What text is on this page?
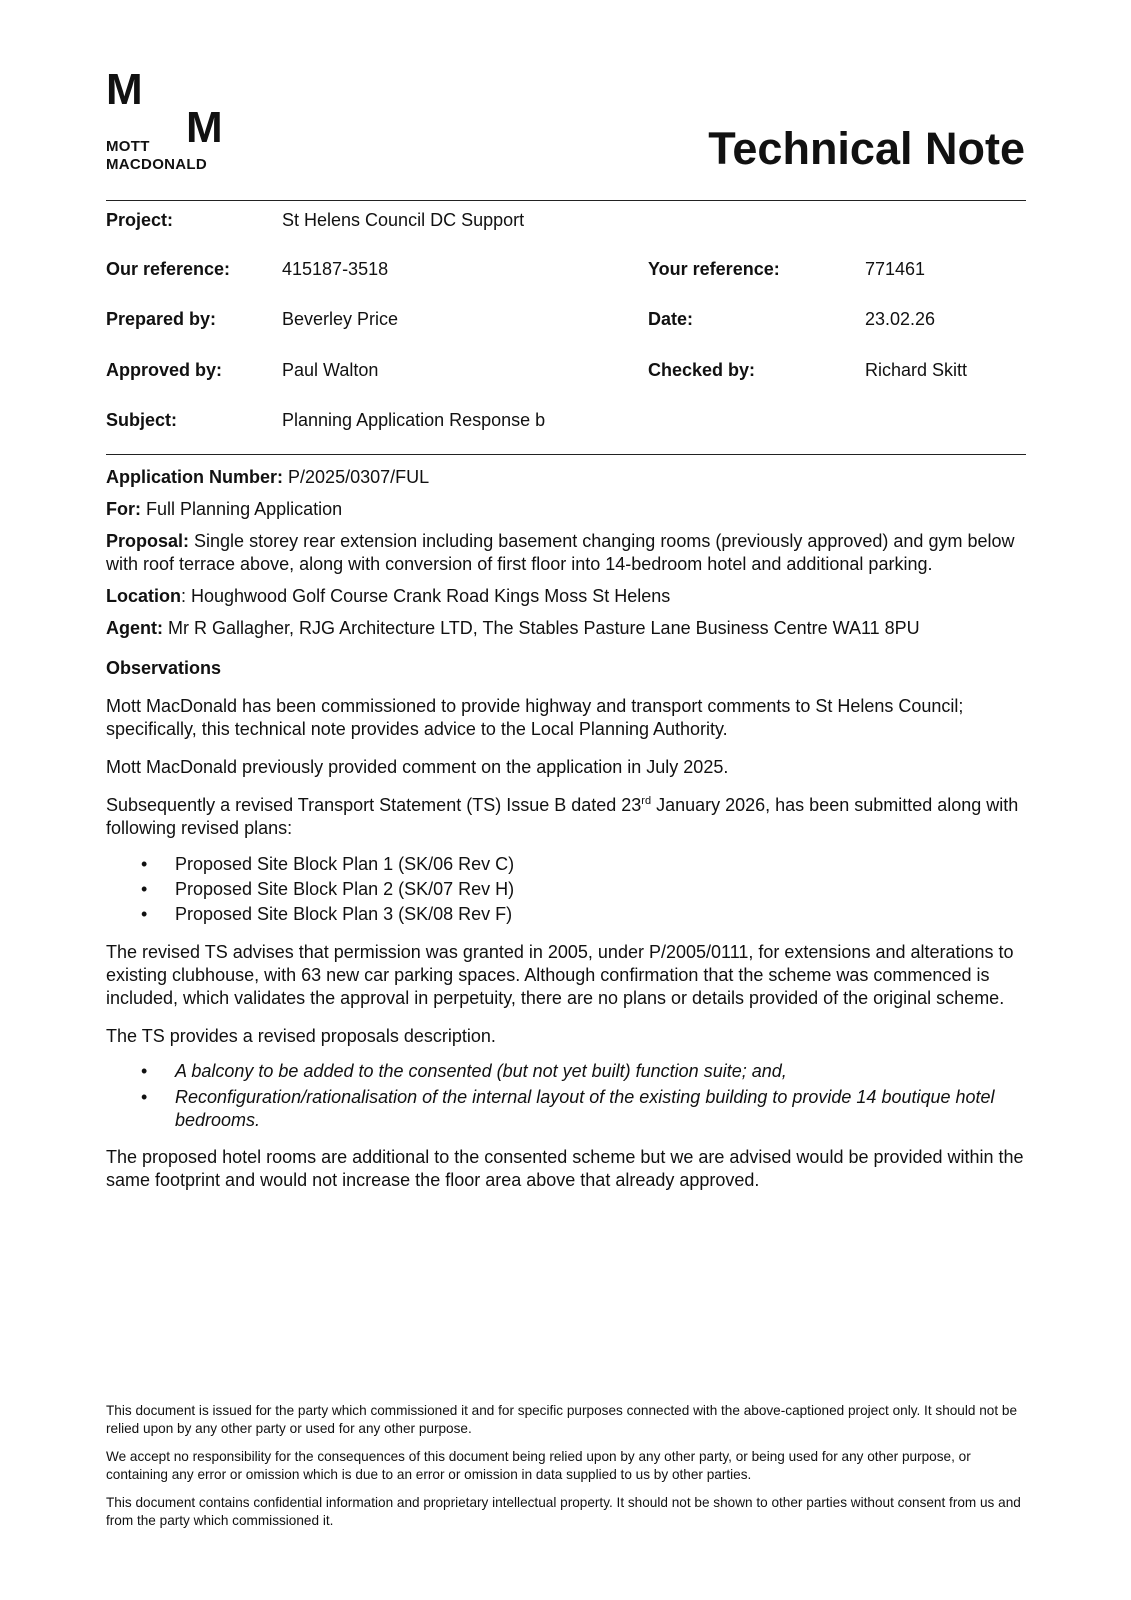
M
M
MOTT
MACDONALD	Technical Note
Project:	St Helens Council DC Support
Our reference:	415187-3518	Your reference:	771461
Prepared by:	Beverley Price	Date:	23.02.26
Approved by:	Paul Walton	Checked by:	Richard Skitt
Subject:	Planning Application Response b

Application Number: P/2025/0307/FUL

For: Full Planning Application

Proposal: Single storey rear extension including basement changing rooms (previously approved) and gym below with roof terrace above, along with conversion of first floor into 14-bedroom hotel and additional parking.

Location: Houghwood Golf Course Crank Road Kings Moss St Helens

Agent: Mr R Gallagher, RJG Architecture LTD, The Stables Pasture Lane Business Centre WA11 8PU

Observations

Mott MacDonald has been commissioned to provide highway and transport comments to St Helens Council; specifically, this technical note provides advice to the Local Planning Authority.

Mott MacDonald previously provided comment on the application in July 2025.

Subsequently a revised Transport Statement (TS) Issue B dated 23rd January 2026, has been submitted along with following revised plans:

• Proposed Site Block Plan 1 (SK/06 Rev C)
• Proposed Site Block Plan 2 (SK/07 Rev H)
• Proposed Site Block Plan 3 (SK/08 Rev F)

The revised TS advises that permission was granted in 2005, under P/2005/0111, for extensions and alterations to existing clubhouse, with 63 new car parking spaces. Although confirmation that the scheme was commenced is included, which validates the approval in perpetuity, there are no plans or details provided of the original scheme.

The TS provides a revised proposals description.

• A balcony to be added to the consented (but not yet built) function suite; and,
• Reconfiguration/rationalisation of the internal layout of the existing building to provide 14 boutique hotel bedrooms.

The proposed hotel rooms are additional to the consented scheme but we are advised would be provided within the same footprint and would not increase the floor area above that already approved.

This document is issued for the party which commissioned it and for specific purposes connected with the above-captioned project only. It should not be relied upon by any other party or used for any other purpose.

We accept no responsibility for the consequences of this document being relied upon by any other party, or being used for any other purpose, or containing any error or omission which is due to an error or omission in data supplied to us by other parties.

This document contains confidential information and proprietary intellectual property. It should not be shown to other parties without consent from us and from the party which commissioned it.
